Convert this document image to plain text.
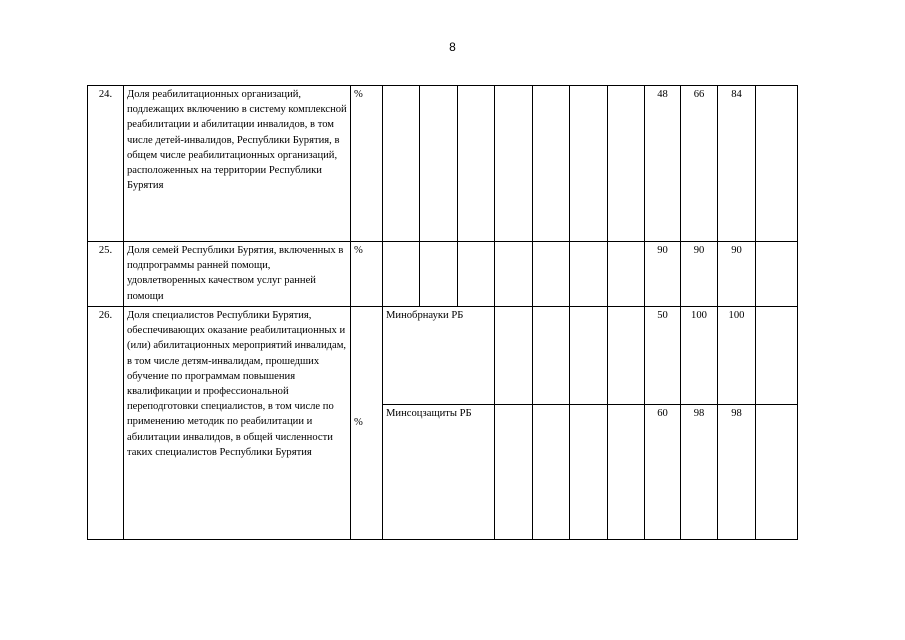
8
24.	Доля реабилитационных организаций, подлежащих включению в систему комплексной реабилитации и абилитации инвалидов, в том числе детей-инвалидов, Республики Бурятия, в общем числе реабилитационных организаций, расположенных на территории Республики Бурятия	%								48	66	84	
25.	Доля семей Республики Бурятия, включенных в подпрограммы ранней помощи, удовлетворенных качеством услуг ранней помощи	%								90	90	90	
26.	Доля специалистов Республики Бурятия, обеспечивающих оказание реабилитационных и (или) абилитационных мероприятий инвалидам, в том числе детям-инвалидам, прошедших обучение по программам повышения квалификации и профессиональной переподготовки специалистов, в том числе по применению методик по реабилитации и абилитации инвалидов, в общей численности таких специалистов Республики Бурятия	%	Минобрнауки РБ							50	100	100	
			Минсоцзащиты РБ							60	98	98	
